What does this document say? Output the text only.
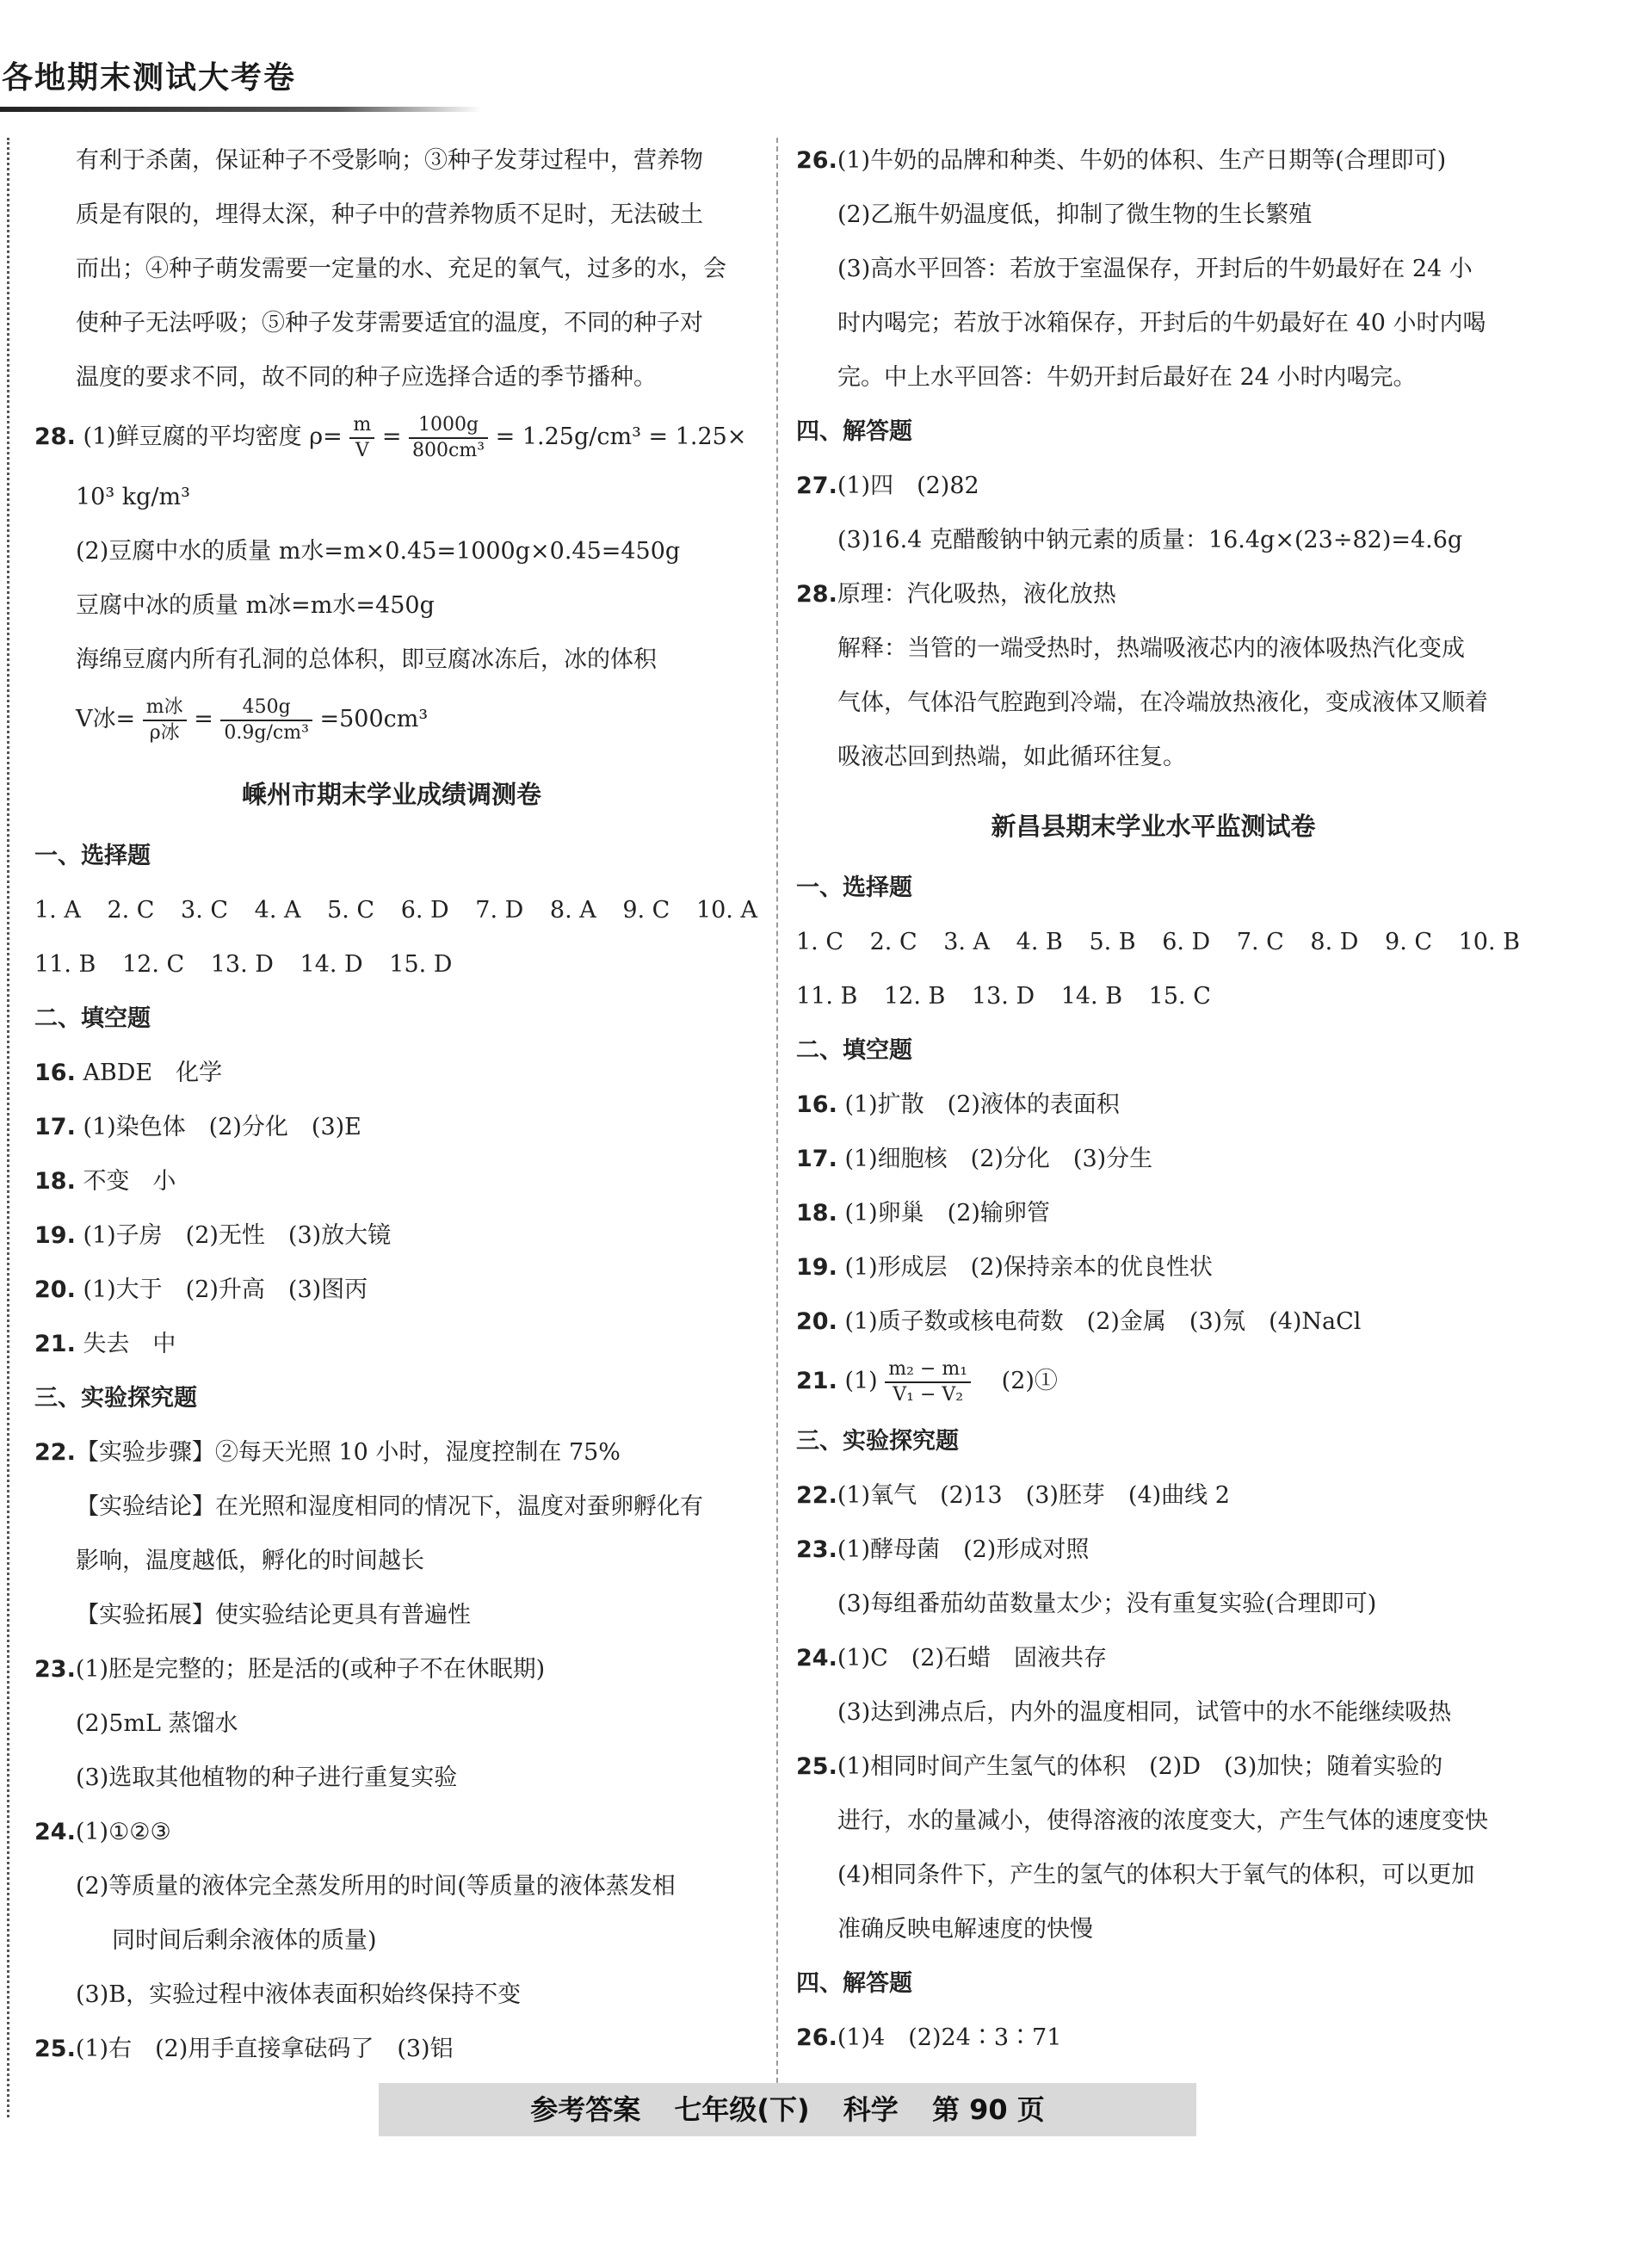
各地期末测试大考卷
有利于杀菌，保证种子不受影响；③种子发芽过程中，营养物
质是有限的，埋得太深，种子中的营养物质不足时，无法破土
而出；④种子萌发需要一定量的水、充足的氧气，过多的水，会
使种子无法呼吸；⑤种子发芽需要适宜的温度，不同的种子对
温度的要求不同，故不同的种子应选择合适的季节播种。
28. (1)鲜豆腐的平均密度 $\rho= \frac{m}{V} = \frac{1000g}{\text{800cm³}} = 1.25g/cm^3 = 1.25\times$
10³ kg/m³
(2)豆腐中水的质量 m水=m×0.45=1000g×0.45=450g
豆腐中冰的质量 m冰=m水=450g
海绵豆腐内所有孔洞的总体积，即豆腐冰冻后，冰的体积
V冰= $\frac{\text{m冰}}{\text{ρ冰}} = \frac{450g}{\text{0.9g/cm³}} =500cm^3$
嵊州市期末学业成绩调测卷
一、选择题
1. A 2. C 3. C 4. A 5. C 6. D 7. D 8. A 9. C 10. A
11. B 12. C 13. D 14. D 15. D
二、填空题
16. ABDE　化学
17. (1)染色体　(2)分化　(3)E
18. 不变　小
19. (1)子房　(2)无性　(3)放大镜
20. (1)大于　(2)升高　(3)图丙
21. 失去　中
三、实验探究题
22.【实验步骤】②每天光照 10 小时，湿度控制在 75%
【实验结论】在光照和湿度相同的情况下，温度对蚕卵孵化有
影响，温度越低，孵化的时间越长
【实验拓展】使实验结论更具有普遍性
23.(1)胚是完整的；胚是活的(或种子不在休眠期)
(2)5mL 蒸馏水
(3)选取其他植物的种子进行重复实验
24.(1)①②③
(2)等质量的液体完全蒸发所用的时间(等质量的液体蒸发相
同时间后剩余液体的质量)
(3)B，实验过程中液体表面积始终保持不变
25.(1)右　(2)用手直接拿砝码了　(3)铝
26.(1)牛奶的品牌和种类、牛奶的体积、生产日期等(合理即可)
(2)乙瓶牛奶温度低，抑制了微生物的生长繁殖
(3)高水平回答：若放于室温保存，开封后的牛奶最好在 24 小
时内喝完；若放于冰箱保存，开封后的牛奶最好在 40 小时内喝
完。中上水平回答：牛奶开封后最好在 24 小时内喝完。
四、解答题
27.(1)四　(2)82
(3)16.4 克醋酸钠中钠元素的质量：16.4g×(23÷82)=4.6g
28.原理：汽化吸热，液化放热
解释：当管的一端受热时，热端吸液芯内的液体吸热汽化变成
气体，气体沿气腔跑到冷端，在冷端放热液化，变成液体又顺着
吸液芯回到热端，如此循环往复。
新昌县期末学业水平监测试卷
一、选择题
1. C 2. C 3. A 4. B 5. B 6. D 7. C 8. D 9. C 10. B
11. B 12. B 13. D 14. B 15. C
二、填空题
16. (1)扩散　(2)液体的表面积
17. (1)细胞核　(2)分化　(3)分生
18. (1)卵巢　(2)输卵管
19. (1)形成层　(2)保持亲本的优良性状
20. (1)质子数或核电荷数　(2)金属　(3)氖　(4)NaCl
21. $(1) \frac{\text{m₂ − m₁}}{\text{V₁ − V₂}}$ 　(2)①
三、实验探究题
22.(1)氧气　(2)13　(3)胚芽　(4)曲线 2
23.(1)酵母菌　(2)形成对照
(3)每组番茄幼苗数量太少；没有重复实验(合理即可)
24.(1)C　(2)石蜡　固液共存
(3)达到沸点后，内外的温度相同，试管中的水不能继续吸热
25.(1)相同时间产生氢气的体积　(2)D　(3)加快；随着实验的
进行，水的量减小，使得溶液的浓度变大，产生气体的速度变快
(4)相同条件下，产生的氢气的体积大于氧气的体积，可以更加
准确反映电解速度的快慢
四、解答题
26.(1)4　(2)24∶3∶71
参考答案 七年级(下) 科学 第 90 页
